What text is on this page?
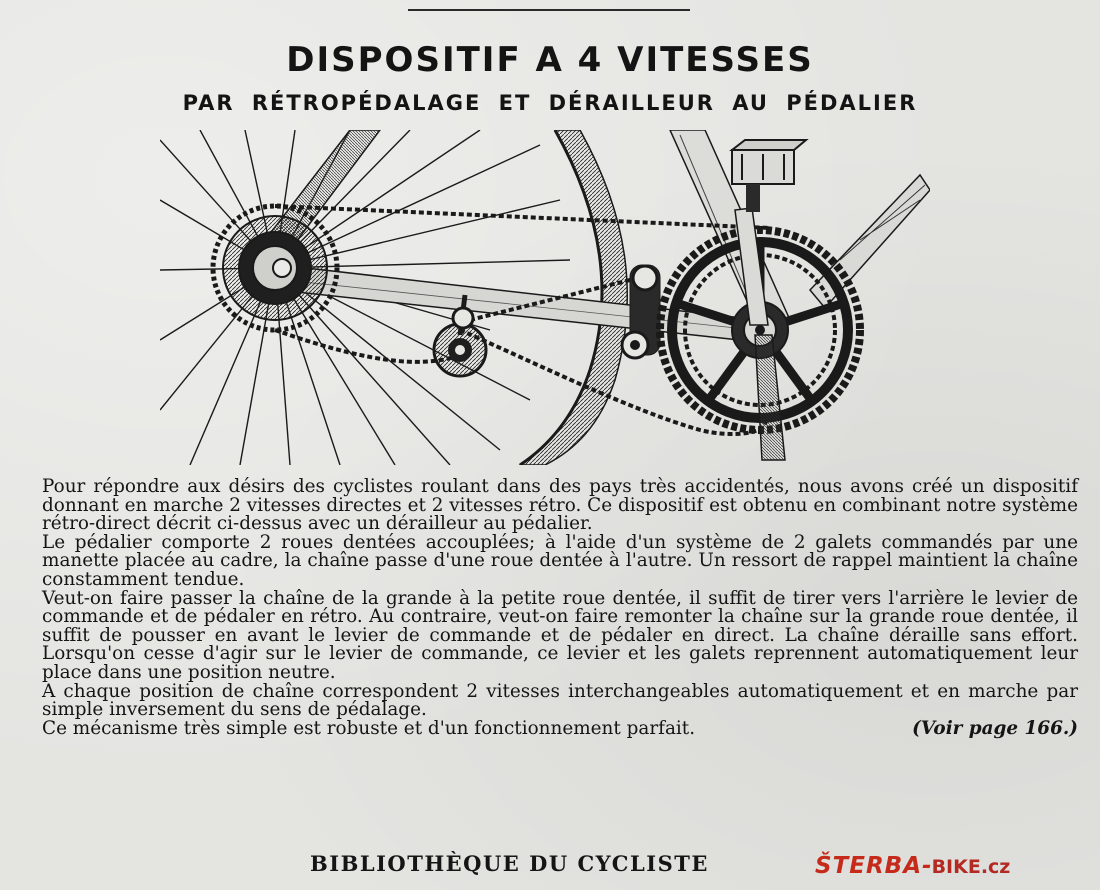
DISPOSITIF A 4 VITESSES
PAR RÉTROPÉDALAGE ET DÉRAILLEUR AU PÉDALIER

Pour répondre aux désirs des cyclistes roulant dans des pays très accidentés, nous avons créé un dispositif donnant en marche 2 vitesses directes et 2 vitesses rétro. Ce dispositif est obtenu en combinant notre système rétro-direct décrit ci-dessus avec un dérailleur au pédalier.

Le pédalier comporte 2 roues dentées accouplées; à l'aide d'un système de 2 galets commandés par une manette placée au cadre, la chaîne passe d'une roue dentée à l'autre. Un ressort de rappel maintient la chaîne constamment tendue.

Veut-on faire passer la chaîne de la grande à la petite roue dentée, il suffit de tirer vers l'arrière le levier de commande et de pédaler en rétro. Au contraire, veut-on faire remonter la chaîne sur la grande roue dentée, il suffit de pousser en avant le levier de commande et de pédaler en direct. La chaîne déraille sans effort. Lorsqu'on cesse d'agir sur le levier de commande, ce levier et les galets reprennent automatiquement leur place dans une position neutre.

A chaque position de chaîne correspondent 2 vitesses interchangeables automatiquement et en marche par simple inversement du sens de pédalage.

Ce mécanisme très simple est robuste et d'un fonctionnement parfait.	(Voir page 166.)

BIBLIOTHÈQUE DU CYCLISTE	ŠTERBA-BIKE.cz
